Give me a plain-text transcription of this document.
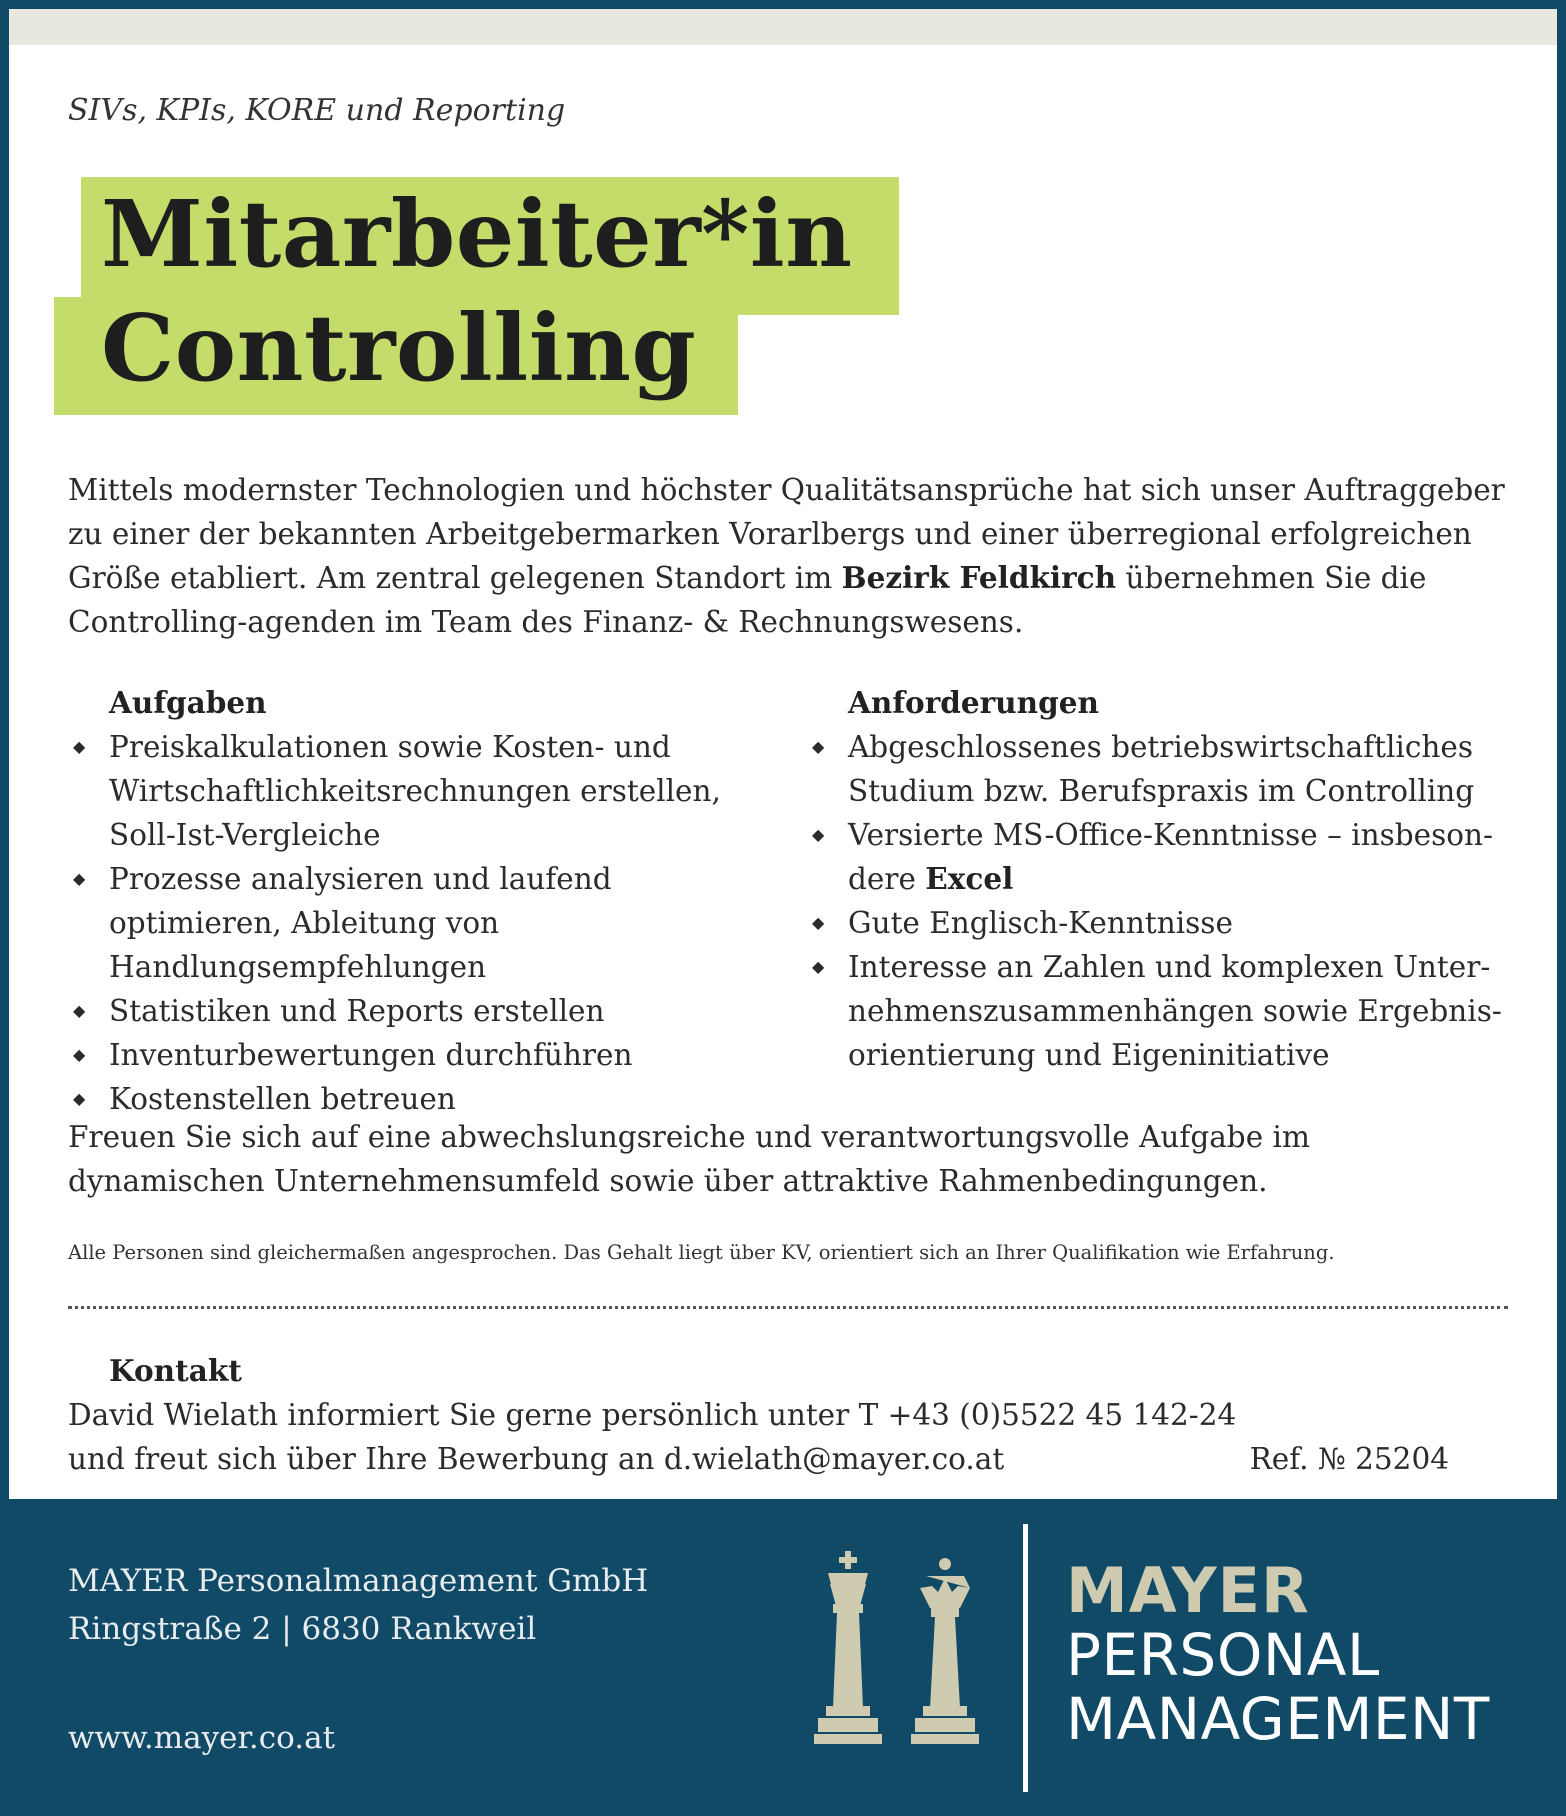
SIVs, KPIs, KORE und Reporting
Mitarbeiter*in
Controlling

Mittels modernster Technologien und höchster Qualitätsansprüche hat sich unser Auftraggeber zu einer der bekannten Arbeitgebermarken Vorarlbergs und einer überregional erfolgreichen Größe etabliert. Am zentral gelegenen Standort im Bezirk Feldkirch übernehmen Sie die Controlling-agenden im Team des Finanz- & Rechnungswesens.

Aufgaben
◆ Preiskalkulationen sowie Kosten- und Wirtschaftlichkeitsrechnungen erstellen, Soll-Ist-Vergleiche
◆ Prozesse analysieren und laufend optimieren, Ableitung von Handlungsempfehlungen
◆ Statistiken und Reports erstellen
◆ Inventurbewertungen durchführen
◆ Kostenstellen betreuen
Anforderungen
◆ Abgeschlossenes betriebswirtschaftliches Studium bzw. Berufspraxis im Controlling
◆ Versierte MS-Office-Kenntnisse – insbeson-dere Excel
◆ Gute Englisch-Kenntnisse
◆ Interesse an Zahlen und komplexen Unter-nehmenszusammenhängen sowie Ergebnis-orientierung und Eigeninitiative

Freuen Sie sich auf eine abwechslungsreiche und verantwortungsvolle Aufgabe im dynamischen Unternehmensumfeld sowie über attraktive Rahmenbedingungen.

Alle Personen sind gleichermaßen angesprochen. Das Gehalt liegt über KV, orientiert sich an Ihrer Qualifikation wie Erfahrung.
Kontakt
David Wielath informiert Sie gerne persönlich unter T +43 (0)5522 45 142-24
und freut sich über Ihre Bewerbung an d.wielath@mayer.co.at	Ref. № 25204
MAYER Personalmanagement GmbH
Ringstraße 2 | 6830 Rankweil
www.mayer.co.at
MAYER
PERSONAL
MANAGEMENT
